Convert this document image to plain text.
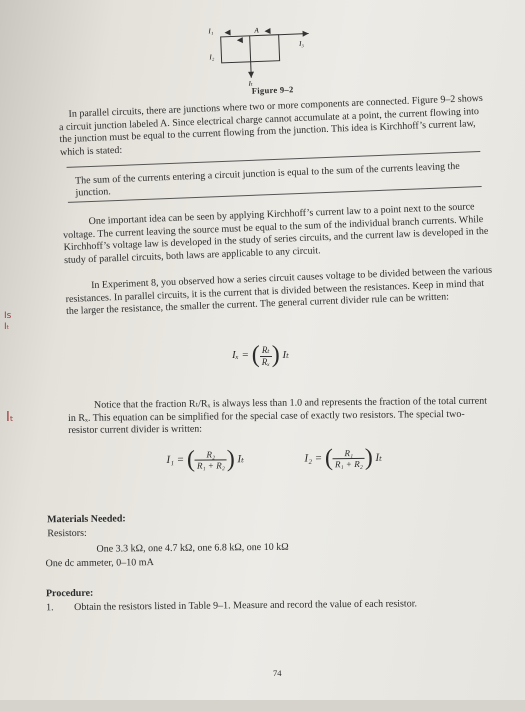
I₁
I₂
A
I₃
Iₜ
Figure 9–2

In parallel circuits, there are junctions where two or more components are connected. Figure 9–2 shows a circuit junction labeled A. Since electrical charge cannot accumulate at a point, the current flowing into the junction must be equal to the current flowing from the junction. This idea is Kirchhoff’s current law, which is stated:

The sum of the currents entering a circuit junction is equal to the sum of the currents leaving the junction.

One important idea can be seen by applying Kirchhoff’s current law to a point next to the source voltage. The current leaving the source must be equal to the sum of the individual branch currents. While Kirchhoff’s voltage law is developed in the study of series circuits, and the current law is developed in the study of parallel circuits, both laws are applicable to any circuit.

In Experiment 8, you observed how a series circuit causes voltage to be divided between the various resistances. In parallel circuits, it is the current that is divided between the resistances. Keep in mind that the larger the resistance, the smaller the current. The general current divider rule can be written:

Iₓ = ( $\frac{\text{Rₜ}}{\text{Rₓ}}$ ) Iₜ

Notice that the fraction Rₜ/Rₓ is always less than 1.0 and represents the fraction of the total current in Rₓ. This equation can be simplified for the special case of exactly two resistors. The special two-resistor current divider is written:

I₁ = ( $\frac{\text{R₂}}{\text{R₁ + R₂}}$ ) Iₜ	I₂ = ( $\frac{\text{R₁}}{\text{R₁ + R₂}}$ ) Iₜ

Materials Needed:

Resistors:

One 3.3 kΩ, one 4.7 kΩ, one 6.8 kΩ, one 10 kΩ

One dc ammeter, 0–10 mA

Procedure:

1. Obtain the resistors listed in Table 9–1. Measure and record the value of each resistor.

Is
Iₜ
Iₜ
74
